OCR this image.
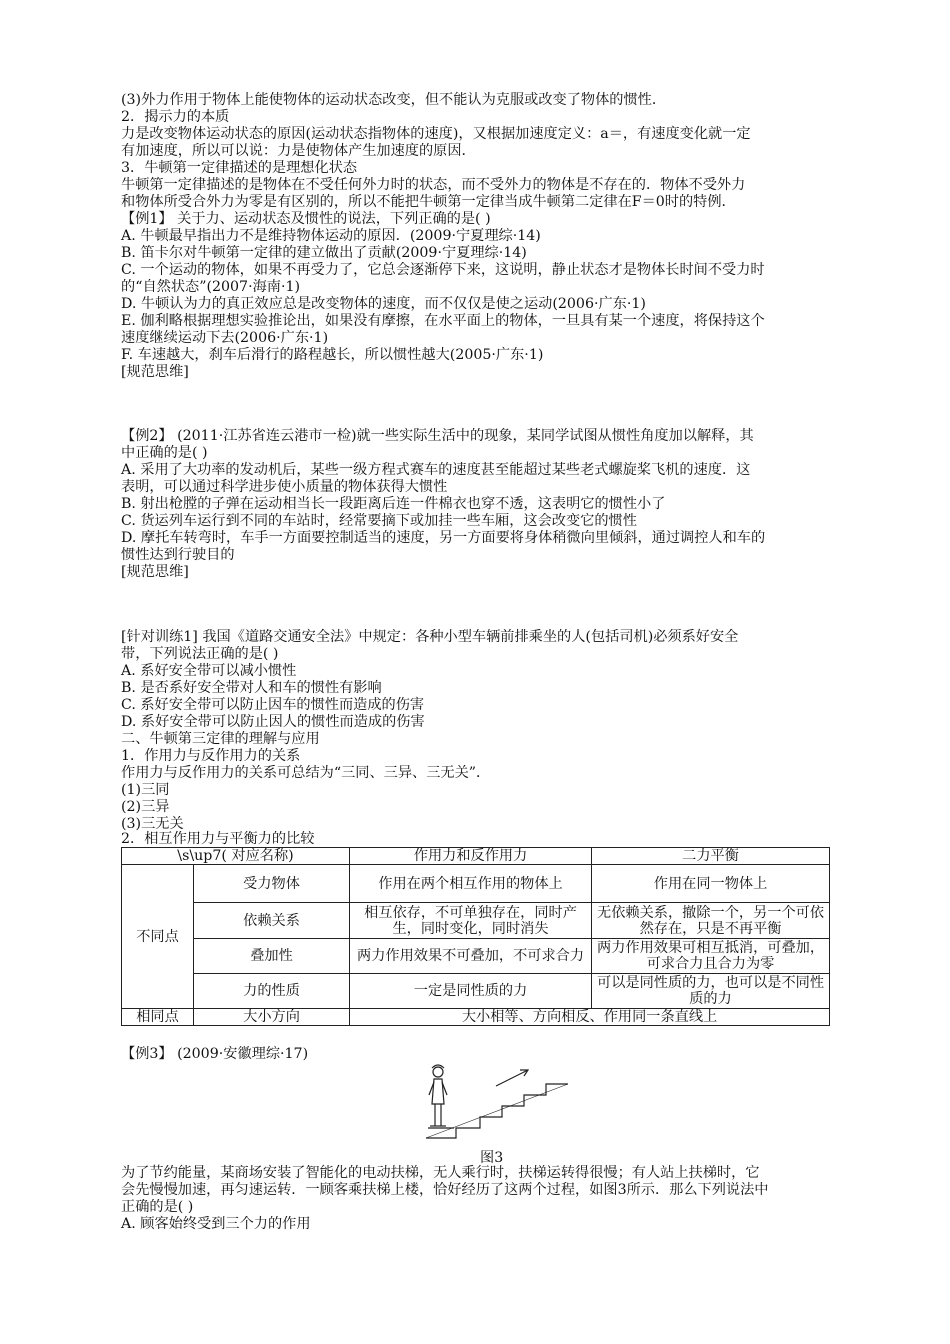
(3)外力作用于物体上能使物体的运动状态改变，但不能认为克服或改变了物体的惯性．
2．揭示力的本质
力是改变物体运动状态的原因(运动状态指物体的速度)，又根据加速度定义：a＝，有速度变化就一定
有加速度，所以可以说：力是使物体产生加速度的原因．
3．牛顿第一定律描述的是理想化状态
牛顿第一定律描述的是物体在不受任何外力时的状态，而不受外力的物体是不存在的．物体不受外力
和物体所受合外力为零是有区别的，所以不能把牛顿第一定律当成牛顿第二定律在F＝0时的特例．
【例1】 关于力、运动状态及惯性的说法，下列正确的是( )
A. 牛顿最早指出力不是维持物体运动的原因．(2009·宁夏理综·14)
B. 笛卡尔对牛顿第一定律的建立做出了贡献(2009·宁夏理综·14)
C. 一个运动的物体，如果不再受力了，它总会逐渐停下来，这说明，静止状态才是物体长时间不受力时
的“自然状态”(2007·海南·1)
D. 牛顿认为力的真正效应总是改变物体的速度，而不仅仅是使之运动(2006·广东·1)
E. 伽利略根据理想实验推论出，如果没有摩擦，在水平面上的物体，一旦具有某一个速度，将保持这个
速度继续运动下去(2006·广东·1)
F. 车速越大，刹车后滑行的路程越长，所以惯性越大(2005·广东·1)
[规范思维]
【例2】 (2011·江苏省连云港市一检)就一些实际生活中的现象，某同学试图从惯性角度加以解释，其
中正确的是( )
A. 采用了大功率的发动机后，某些一级方程式赛车的速度甚至能超过某些老式螺旋桨飞机的速度．这
表明，可以通过科学进步使小质量的物体获得大惯性
B. 射出枪膛的子弹在运动相当长一段距离后连一件棉衣也穿不透，这表明它的惯性小了
C. 货运列车运行到不同的车站时，经常要摘下或加挂一些车厢，这会改变它的惯性
D. 摩托车转弯时，车手一方面要控制适当的速度，另一方面要将身体稍微向里倾斜，通过调控人和车的
惯性达到行驶目的
[规范思维]
[针对训练1] 我国《道路交通安全法》中规定：各种小型车辆前排乘坐的人(包括司机)必须系好安全
带，下列说法正确的是( )
A. 系好安全带可以减小惯性
B. 是否系好安全带对人和车的惯性有影响
C. 系好安全带可以防止因车的惯性而造成的伤害
D. 系好安全带可以防止因人的惯性而造成的伤害
二、牛顿第三定律的理解与应用
1．作用力与反作用力的关系
作用力与反作用力的关系可总结为“三同、三异、三无关”．
(1)三同
(2)三异
(3)三无关
2．相互作用力与平衡力的比较
\s\up7( 对应名称)		作用力和反作用力	二力平衡
不同点	受力物体	作用在两个相互作用的物体上	作用在同一物体上
	依赖关系	相互依存，不可单独存在，同时产生，同时变化，同时消失	无依赖关系，撤除一个，另一个可依然存在，只是不再平衡
	叠加性	两力作用效果不可叠加，不可求合力	两力作用效果可相互抵消，可叠加，可求合力且合力为零
	力的性质	一定是同性质的力	可以是同性质的力，也可以是不同性质的力
相同点	大小方向	大小相等、方向相反、作用同一条直线上	
【例3】 (2009·安徽理综·17)
图3
为了节约能量，某商场安装了智能化的电动扶梯，无人乘行时，扶梯运转得很慢；有人站上扶梯时，它
会先慢慢加速，再匀速运转．一顾客乘扶梯上楼，恰好经历了这两个过程，如图3所示．那么下列说法中
正确的是( )
A. 顾客始终受到三个力的作用
